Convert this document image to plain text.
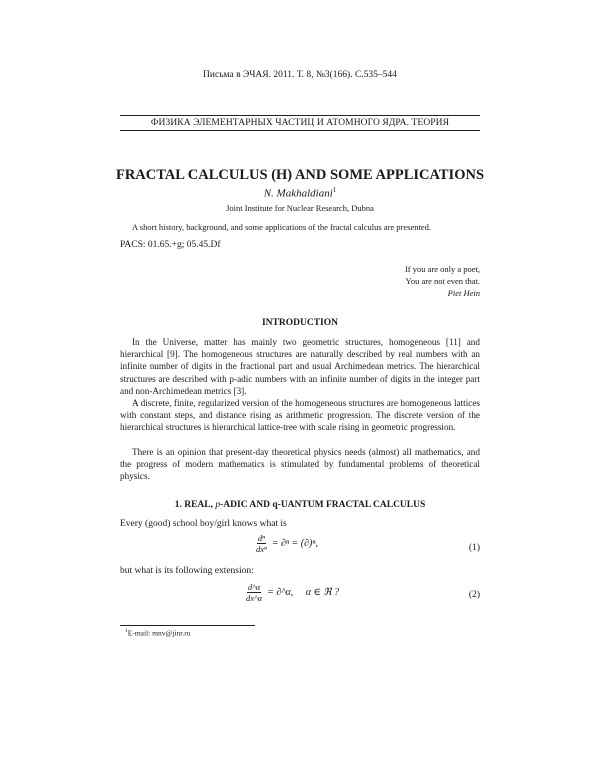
Письма в ЭЧАЯ. 2011. Т. 8, №3(166). С.535–544
ФИЗИКА ЭЛЕМЕНТАРНЫХ ЧАСТИЦ И АТОМНОГО ЯДРА. ТЕОРИЯ
FRACTAL CALCULUS (H) AND SOME APPLICATIONS
N. Makhaldiani$^1$
Joint Institute for Nuclear Research, Dubna
A short history, background, and some applications of the fractal calculus are presented.
PACS: 01.65.+g; 05.45.Df
If you are only a poet,
You are not even that.
Piet Hein
INTRODUCTION

In the Universe, matter has mainly two geometric structures, homogeneous [11] and hierarchical [9]. The homogeneous structures are naturally described by real numbers with an infinite number of digits in the fractional part and usual Archimedean metrics. The hierarchical structures are described with p-adic numbers with an infinite number of digits in the integer part and non-Archimedean metrics [3].

A discrete, finite, regularized version of the homogeneous structures are homogeneous lattices with constant steps, and distance rising as arithmetic progression. The discrete version of the hierarchical structures is hierarchical lattice-tree with scale rising in geometric progression.

There is an opinion that present-day theoretical physics needs (almost) all mathematics, and the progress of modern mathematics is stimulated by fundamental problems of theoretical physics.

1. REAL, p-ADIC AND q-UANTUM FRACTAL CALCULUS
Every (good) school boy/girl knows what is
$\frac{\text{dⁿ}}{\text{dxⁿ}} = \partial^n = (\partial)^n$,	(1)
but what is its following extension:
$\frac{d\^{}\alpha}{dx\^{}\alpha}$ = ∂^α,     α ∈ ℜ ?	(2)
$^1$E-mail: mnv@jinr.ru
